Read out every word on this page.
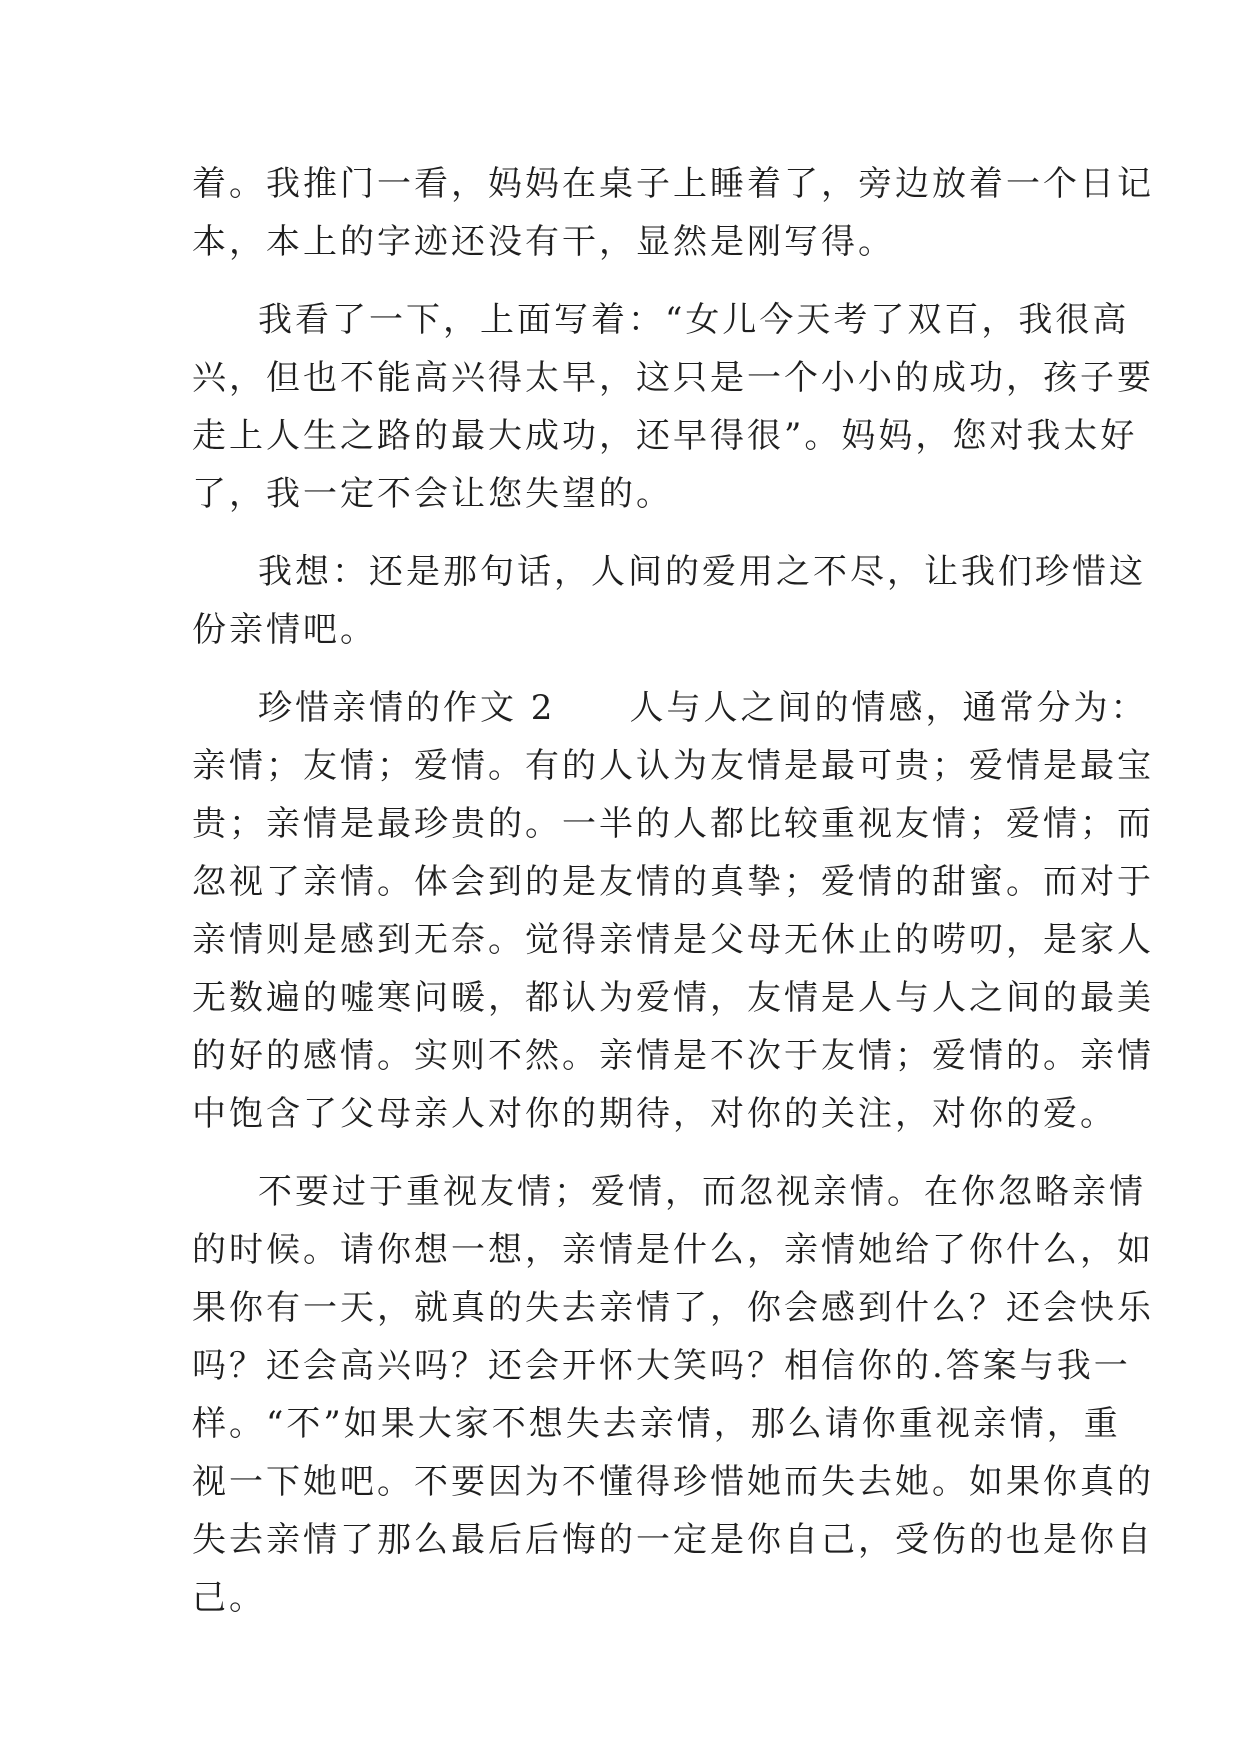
着。我推门一看，妈妈在桌子上睡着了，旁边放着一个日记
本，本上的字迹还没有干，显然是刚写得。
我看了一下，上面写着：“女儿今天考了双百，我很高
兴，但也不能高兴得太早，这只是一个小小的成功，孩子要
走上人生之路的最大成功，还早得很”。妈妈，您对我太好
了，我一定不会让您失望的。
我想：还是那句话，人间的爱用之不尽，让我们珍惜这
份亲情吧。
珍惜亲情的作文 2　　人与人之间的情感，通常分为：
亲情；友情；爱情。有的人认为友情是最可贵；爱情是最宝
贵；亲情是最珍贵的。一半的人都比较重视友情；爱情；而
忽视了亲情。体会到的是友情的真挚；爱情的甜蜜。而对于
亲情则是感到无奈。觉得亲情是父母无休止的唠叨，是家人
无数遍的嘘寒问暖，都认为爱情，友情是人与人之间的最美
的好的感情。实则不然。亲情是不次于友情；爱情的。亲情
中饱含了父母亲人对你的期待，对你的关注，对你的爱。
不要过于重视友情；爱情，而忽视亲情。在你忽略亲情
的时候。请你想一想，亲情是什么，亲情她给了你什么，如
果你有一天，就真的失去亲情了，你会感到什么？还会快乐
吗？还会高兴吗？还会开怀大笑吗？相信你的.答案与我一
样。“不”如果大家不想失去亲情，那么请你重视亲情，重
视一下她吧。不要因为不懂得珍惜她而失去她。如果你真的
失去亲情了那么最后后悔的一定是你自己，受伤的也是你自
己。
